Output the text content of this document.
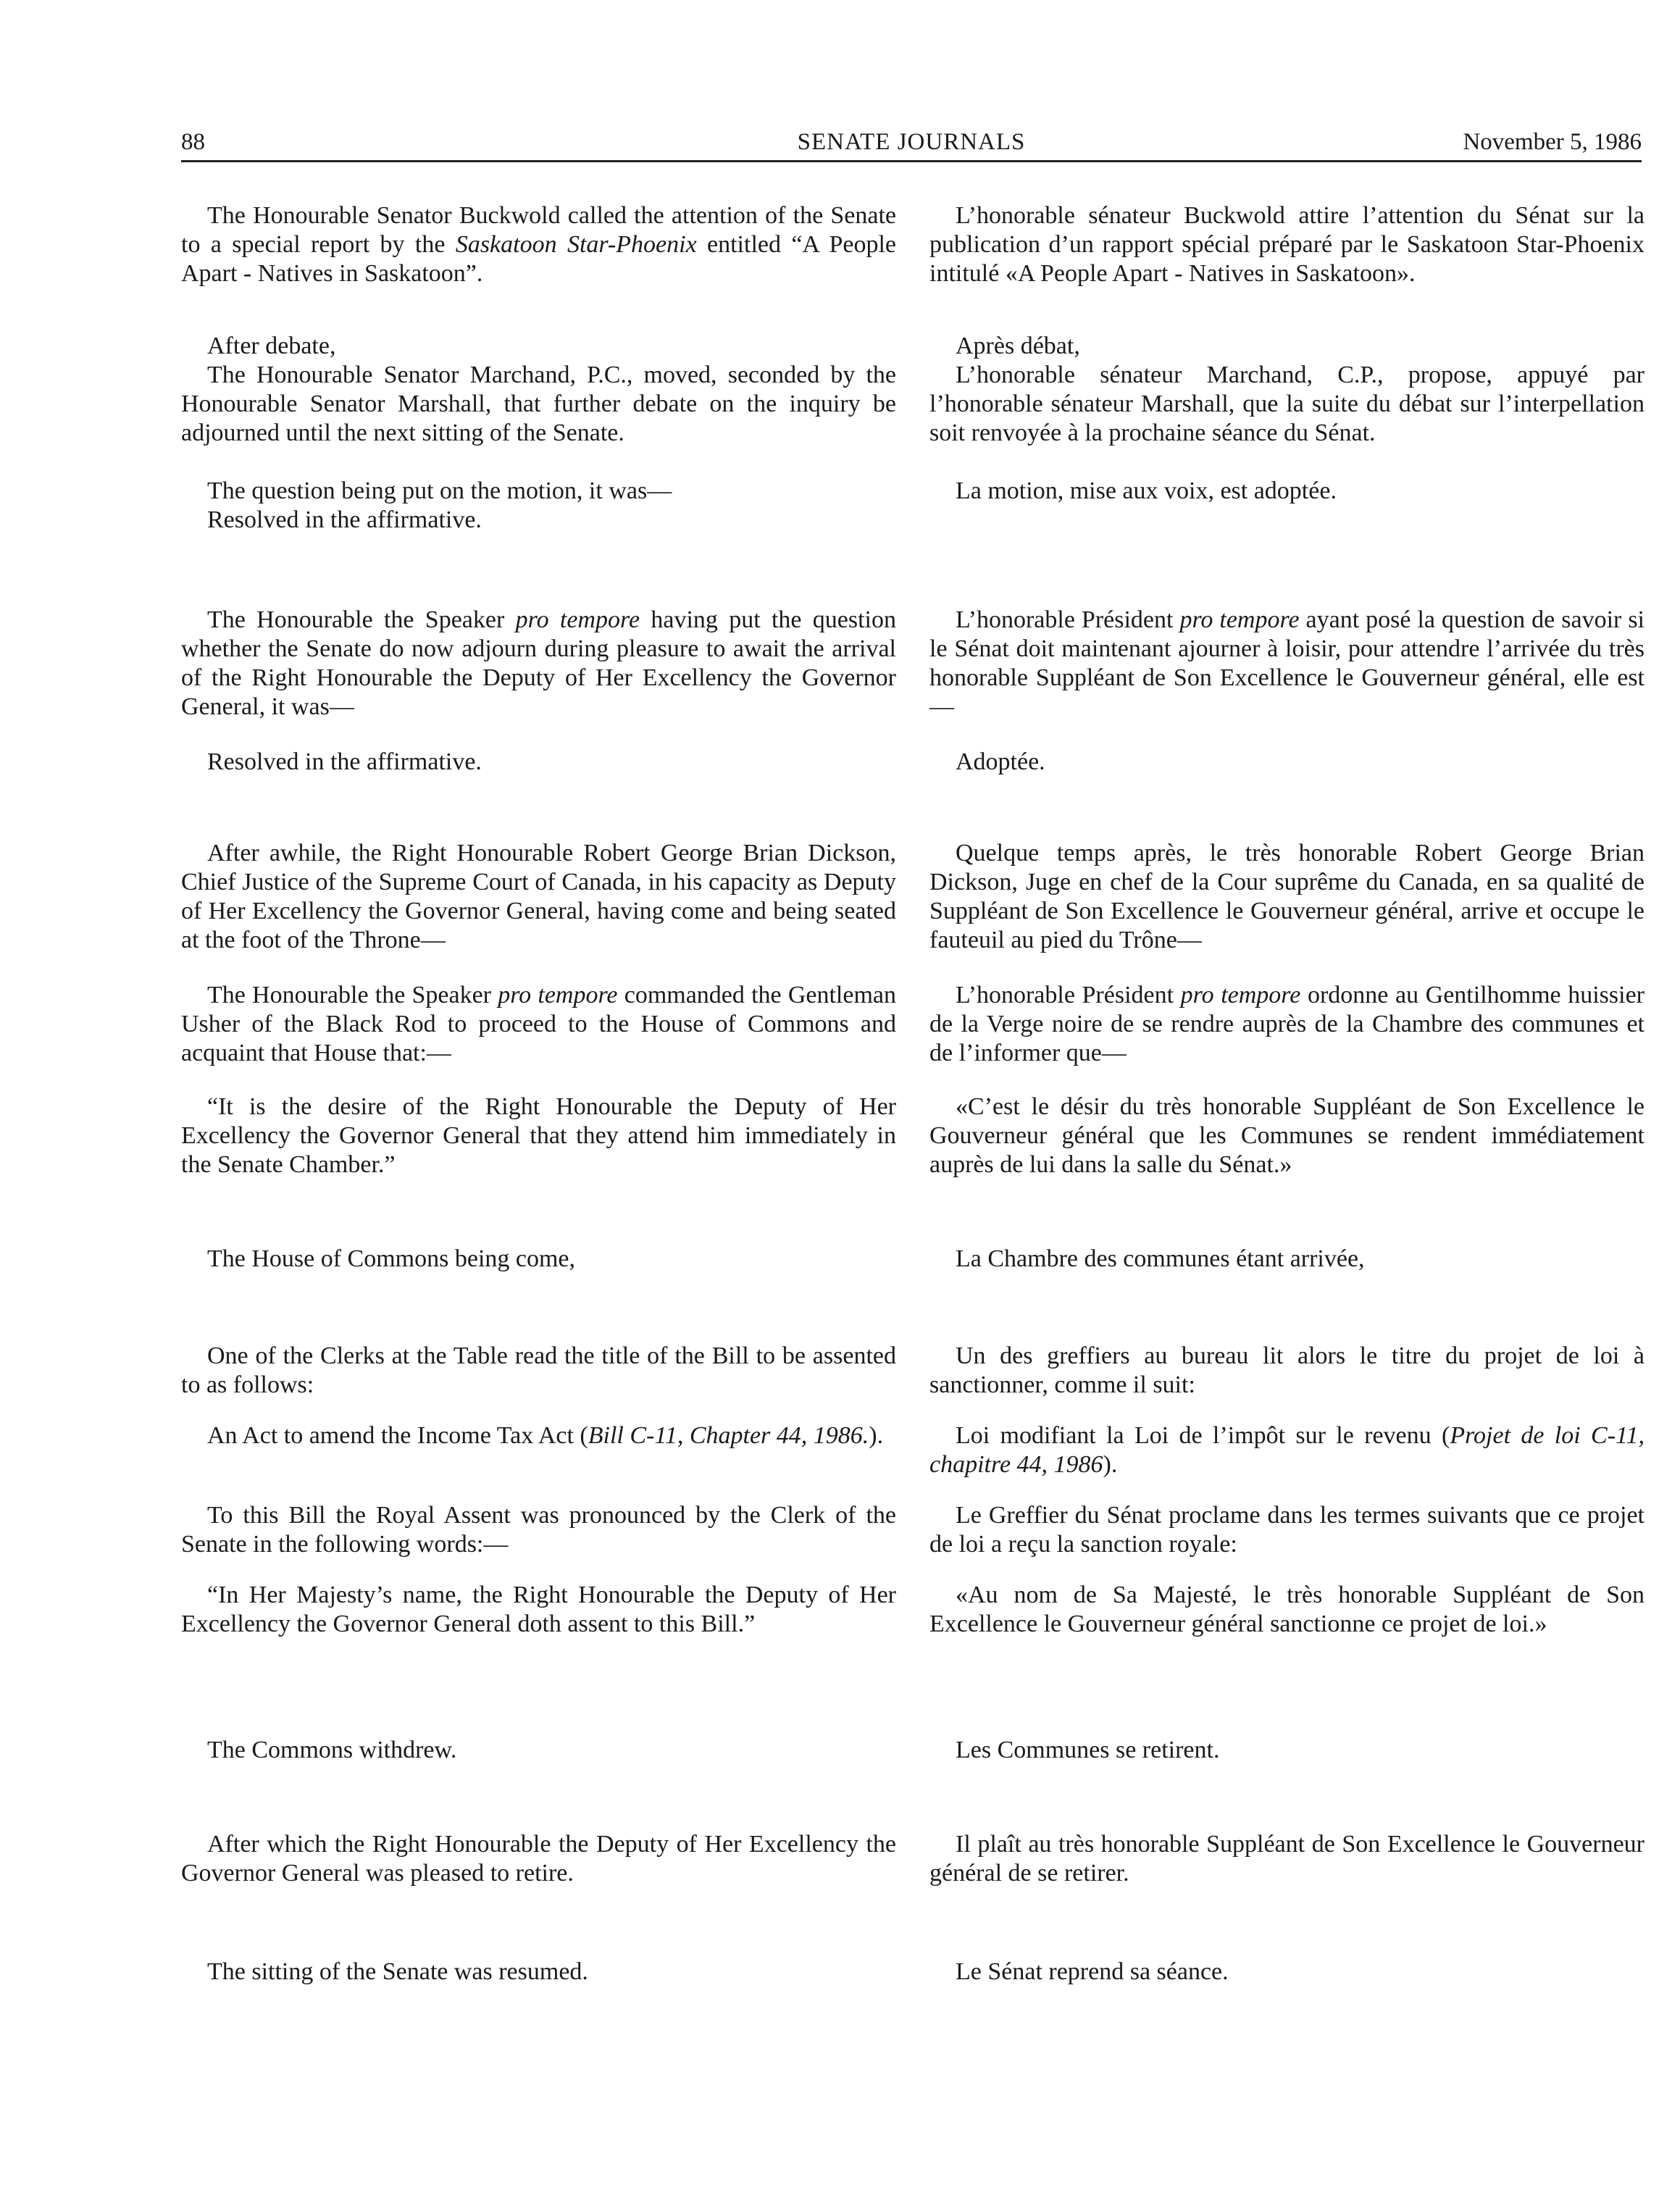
88	SENATE JOURNALS	November 5, 1986

The Honourable Senator Buckwold called the attention of the Senate to a special report by the Saskatoon Star-Phoenix entitled “A People Apart - Natives in Saskatoon”.

After debate,
The Honourable Senator Marchand, P.C., moved, seconded by the Honourable Senator Marshall, that further debate on the inquiry be adjourned until the next sitting of the Senate.

The question being put on the motion, it was—
Resolved in the affirmative.

The Honourable the Speaker pro tempore having put the question whether the Senate do now adjourn during pleasure to await the arrival of the Right Honourable the Deputy of Her Excellency the Governor General, it was—

Resolved in the affirmative.

After awhile, the Right Honourable Robert George Brian Dickson, Chief Justice of the Supreme Court of Canada, in his capacity as Deputy of Her Excellency the Governor General, having come and being seated at the foot of the Throne—

The Honourable the Speaker pro tempore commanded the Gentleman Usher of the Black Rod to proceed to the House of Commons and acquaint that House that:—

“It is the desire of the Right Honourable the Deputy of Her Excellency the Governor General that they attend him immediately in the Senate Chamber.”

The House of Commons being come,

One of the Clerks at the Table read the title of the Bill to be assented to as follows:

An Act to amend the Income Tax Act (Bill C-11, Chapter 44, 1986.).

To this Bill the Royal Assent was pronounced by the Clerk of the Senate in the following words:—

“In Her Majesty’s name, the Right Honourable the Deputy of Her Excellency the Governor General doth assent to this Bill.”

The Commons withdrew.

After which the Right Honourable the Deputy of Her Excellency the Governor General was pleased to retire.

The sitting of the Senate was resumed.

L’honorable sénateur Buckwold attire l’attention du Sénat sur la publication d’un rapport spécial préparé par le Saskatoon Star-Phoenix intitulé «A People Apart - Natives in Saskatoon».

Après débat,
L’honorable sénateur Marchand, C.P., propose, appuyé par l’honorable sénateur Marshall, que la suite du débat sur l’interpellation soit renvoyée à la prochaine séance du Sénat.

La motion, mise aux voix, est adoptée.

L’honorable Président pro tempore ayant posé la question de savoir si le Sénat doit maintenant ajourner à loisir, pour attendre l’arrivée du très honorable Suppléant de Son Excellence le Gouverneur général, elle est—

Adoptée.

Quelque temps après, le très honorable Robert George Brian Dickson, Juge en chef de la Cour suprême du Canada, en sa qualité de Suppléant de Son Excellence le Gouverneur général, arrive et occupe le fauteuil au pied du Trône—

L’honorable Président pro tempore ordonne au Gentilhomme huissier de la Verge noire de se rendre auprès de la Chambre des communes et de l’informer que—

«C’est le désir du très honorable Suppléant de Son Excellence le Gouverneur général que les Communes se rendent immédiatement auprès de lui dans la salle du Sénat.»

La Chambre des communes étant arrivée,

Un des greffiers au bureau lit alors le titre du projet de loi à sanctionner, comme il suit:

Loi modifiant la Loi de l’impôt sur le revenu (Projet de loi C-11, chapitre 44, 1986).

Le Greffier du Sénat proclame dans les termes suivants que ce projet de loi a reçu la sanction royale:

«Au nom de Sa Majesté, le très honorable Suppléant de Son Excellence le Gouverneur général sanctionne ce projet de loi.»

Les Communes se retirent.

Il plaît au très honorable Suppléant de Son Excellence le Gouverneur général de se retirer.

Le Sénat reprend sa séance.
